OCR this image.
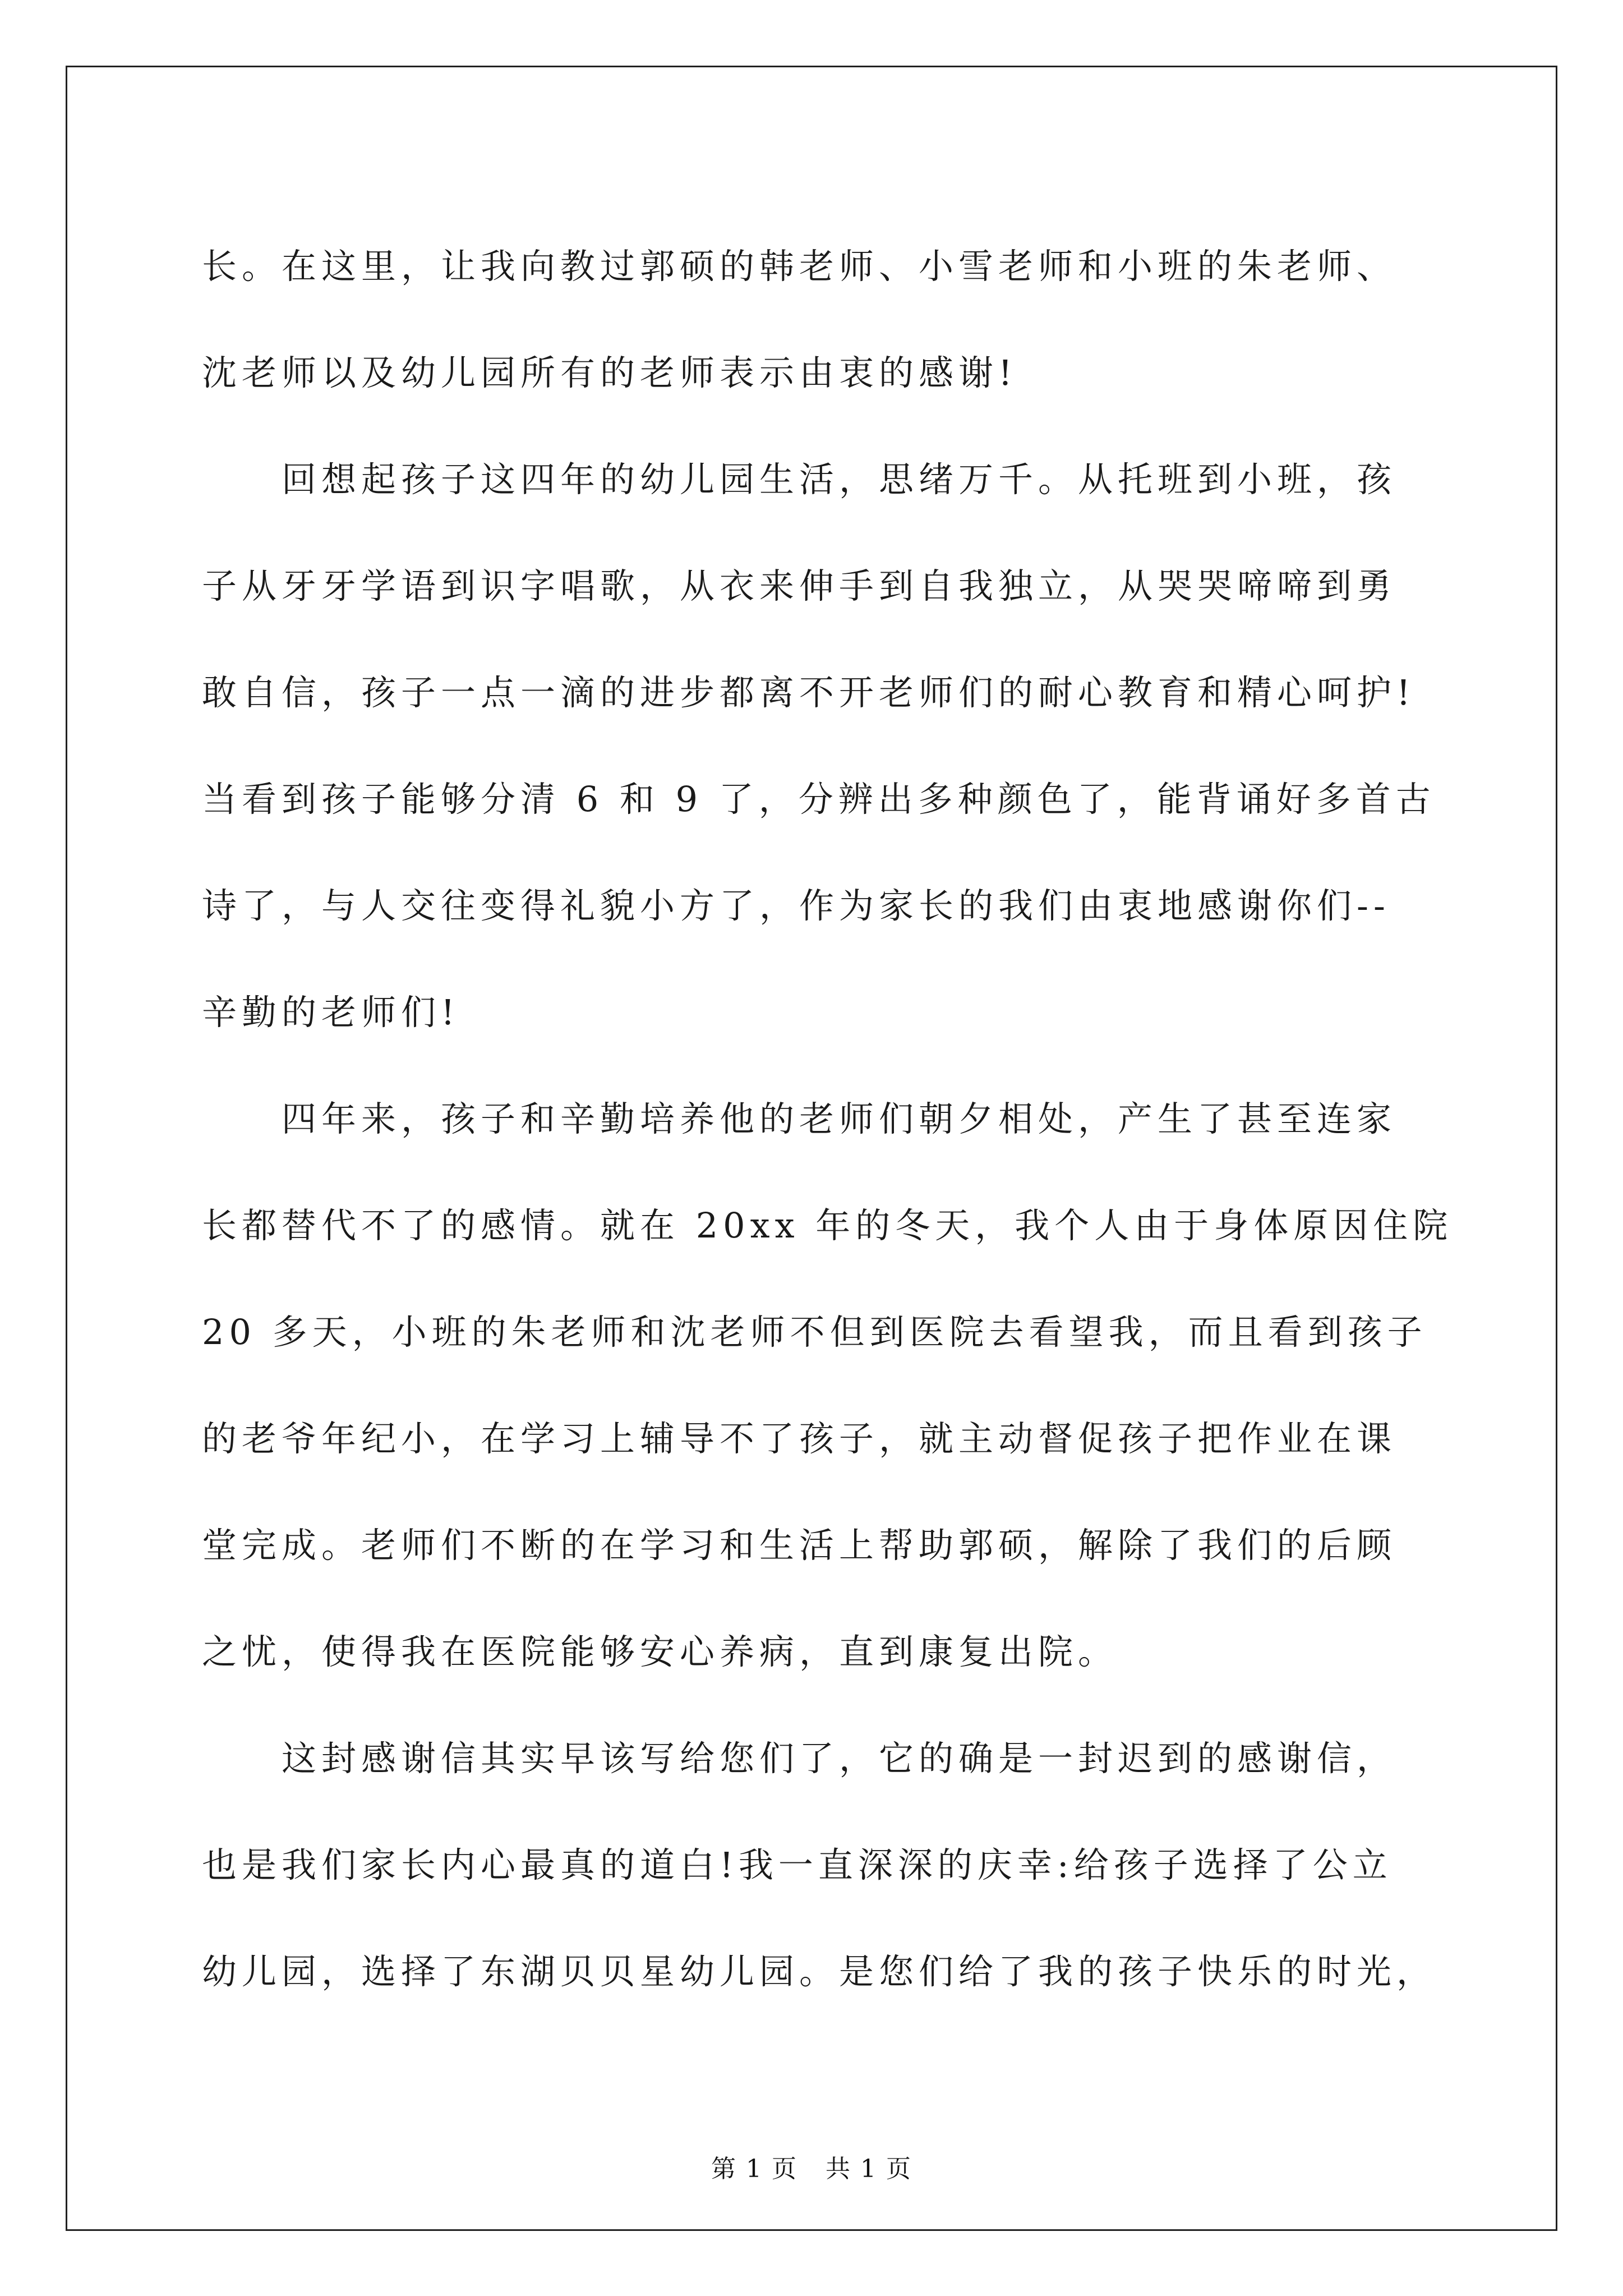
长。在这里，让我向教过郭硕的韩老师、小雪老师和小班的朱老师、
沈老师以及幼儿园所有的老师表示由衷的感谢!
回想起孩子这四年的幼儿园生活，思绪万千。从托班到小班，孩
子从牙牙学语到识字唱歌，从衣来伸手到自我独立，从哭哭啼啼到勇
敢自信，孩子一点一滴的进步都离不开老师们的耐心教育和精心呵护!
当看到孩子能够分清 6 和 9 了，分辨出多种颜色了，能背诵好多首古
诗了，与人交往变得礼貌小方了，作为家长的我们由衷地感谢你们--
辛勤的老师们!
四年来，孩子和辛勤培养他的老师们朝夕相处，产生了甚至连家
长都替代不了的感情。就在 20xx 年的冬天，我个人由于身体原因住院
20 多天，小班的朱老师和沈老师不但到医院去看望我，而且看到孩子
的老爷年纪小，在学习上辅导不了孩子，就主动督促孩子把作业在课
堂完成。老师们不断的在学习和生活上帮助郭硕，解除了我们的后顾
之忧，使得我在医院能够安心养病，直到康复出院。
这封感谢信其实早该写给您们了，它的确是一封迟到的感谢信，
也是我们家长内心最真的道白!我一直深深的庆幸:给孩子选择了公立
幼儿园，选择了东湖贝贝星幼儿园。是您们给了我的孩子快乐的时光，
第 1 页 共 1 页
